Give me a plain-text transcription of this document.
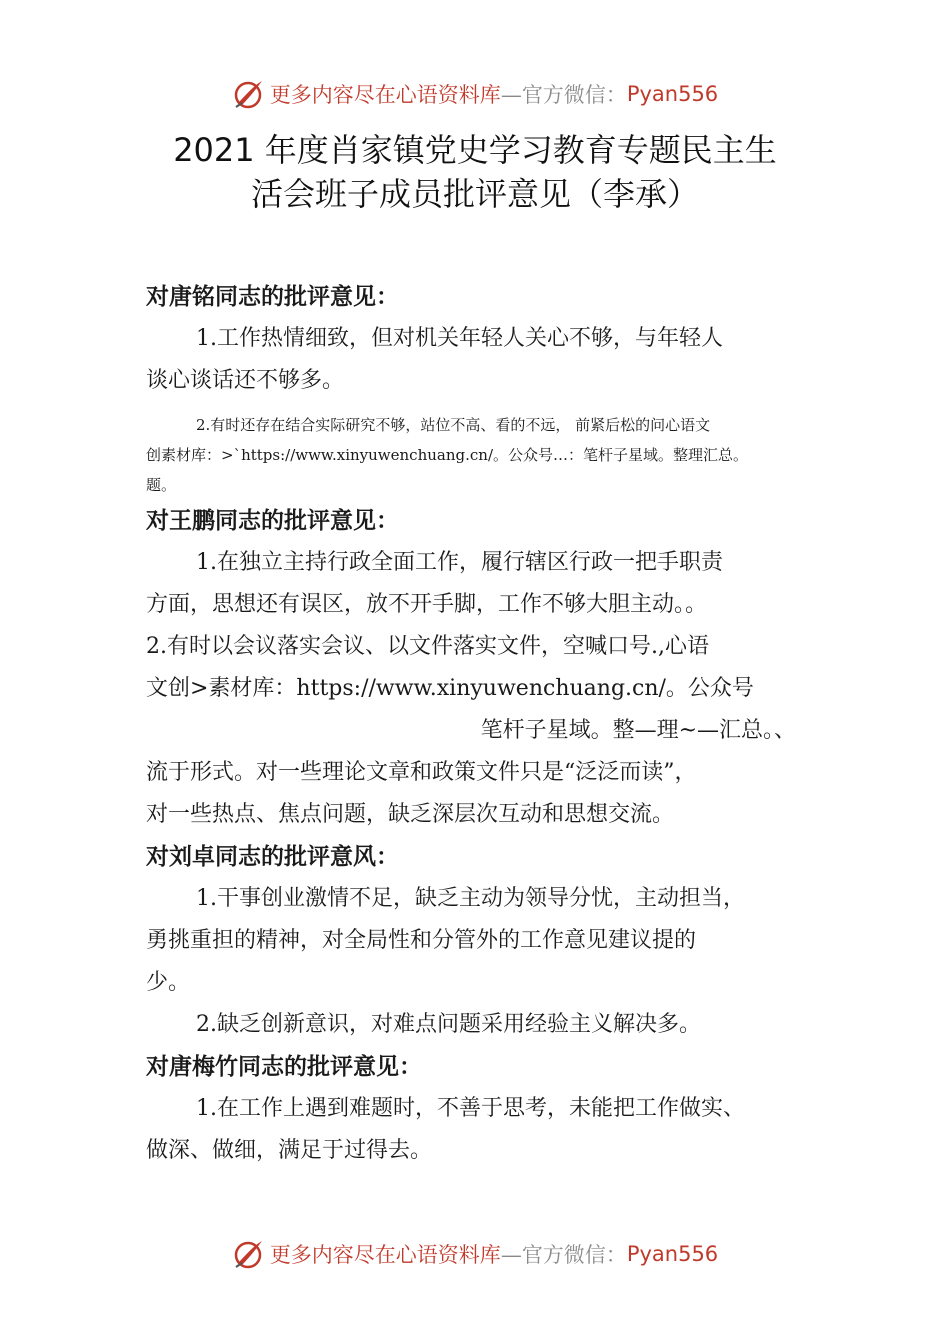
更多内容尽在心语资料库 —官方微信： Pyan556
2021 年度肖家镇党史学习教育专题民主生
活会班子成员批评意见（李承）
对唐铭同志的批评意见：
1.工作热情细致，但对机关年轻人关心不够，与年轻人
谈心谈话还不够多。
2.有时还存在结合实际研究不够，站位不高、看的不远， 前紧后松的问心语文
创素材库：>`https://www.xinyuwenchuang.cn/。公众号…：笔杆子星域。整理汇总。
题。
对王鹏同志的批评意见：
1.在独立主持行政全面工作，履行辖区行政一把手职责
方面，思想还有误区，放不开手脚，工作不够大胆主动。。
2.有时以会议落实会议、以文件落实文件，空喊口号.,心语
文创>素材库：https://www.xinyuwenchuang.cn/。公众号
笔杆子星域。整—理~—汇总。、
流于形式。对一些理论文章和政策文件只是“泛泛而读”，
对一些热点、焦点问题，缺乏深层次互动和思想交流。
对刘卓同志的批评意风：
1.干事创业激情不足，缺乏主动为领导分忧，主动担当，
勇挑重担的精神，对全局性和分管外的工作意见建议提的
少。
2.缺乏创新意识，对难点问题采用经验主义解决多。
对唐梅竹同志的批评意见：
1.在工作上遇到难题时，不善于思考，未能把工作做实、
做深、做细，满足于过得去。
更多内容尽在心语资料库 —官方微信： Pyan556
